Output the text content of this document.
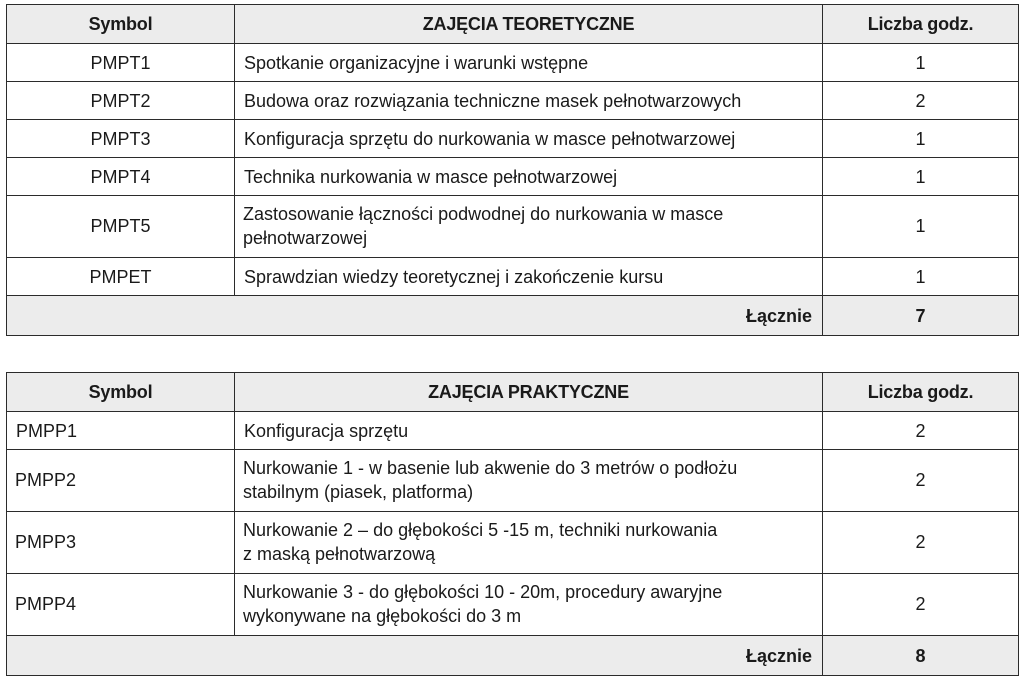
Symbol	ZAJĘCIA TEORETYCZNE	Liczba godz.
PMPT1	Spotkanie organizacyjne i warunki wstępne	1
PMPT2	Budowa oraz rozwiązania techniczne masek pełnotwarzowych	2
PMPT3	Konfiguracja sprzętu do nurkowania w masce pełnotwarzowej	1
PMPT4	Technika nurkowania w masce pełnotwarzowej	1
PMPT5	Zastosowanie łączności podwodnej do nurkowania w masce
pełnotwarzowej	1
PMPET	Sprawdzian wiedzy teoretycznej i zakończenie kursu	1
Łącznie		7
Symbol	ZAJĘCIA PRAKTYCZNE	Liczba godz.
PMPP1	Konfiguracja sprzętu	2
PMPP2	Nurkowanie 1 - w basenie lub akwenie do 3 metrów o podłożu
stabilnym (piasek, platforma)	2
PMPP3	Nurkowanie 2 – do głębokości 5 -15 m, techniki nurkowania
z maską pełnotwarzową	2
PMPP4	Nurkowanie 3 - do głębokości 10 - 20m, procedury awaryjne
wykonywane na głębokości do 3 m	2
Łącznie		8
